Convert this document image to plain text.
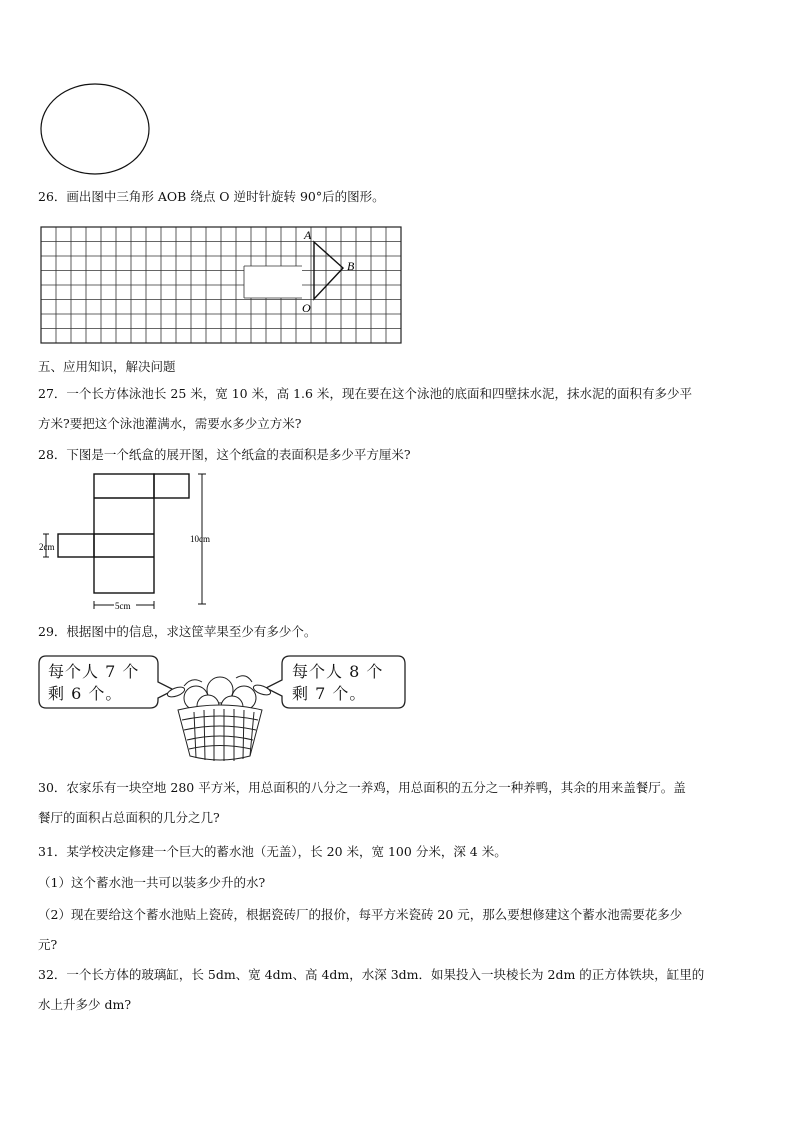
26．画出图中三角形 AOB 绕点 O 逆时针旋转 90°后的图形。
A
B
O
五、应用知识，解决问题
27．一个长方体泳池长 25 米，宽 10 米，高 1.6 米，现在要在这个泳池的底面和四壁抹水泥，抹水泥的面积有多少平
方米?要把这个泳池灌满水，需要水多少立方米?
28．下图是一个纸盒的展开图，这个纸盒的表面积是多少平方厘米?
10cm
2cm
5cm
29．根据图中的信息，求这筐苹果至少有多少个。
每个人 7 个
剩 6 个。
每个人 8 个
剩 7 个。
30．农家乐有一块空地 280 平方米，用总面积的八分之一养鸡，用总面积的五分之一种养鸭，其余的用来盖餐厅。盖
餐厅的面积占总面积的几分之几?
31．某学校决定修建一个巨大的蓄水池（无盖），长 20 米，宽 100 分米，深 4 米。
（1）这个蓄水池一共可以装多少升的水?
（2）现在要给这个蓄水池贴上瓷砖，根据瓷砖厂的报价，每平方米瓷砖 20 元，那么要想修建这个蓄水池需要花多少
元?
32．一个长方体的玻璃缸，长 5dm、宽 4dm、高 4dm，水深 3dm．如果投入一块棱长为 2dm 的正方体铁块，缸里的
水上升多少 dm?
